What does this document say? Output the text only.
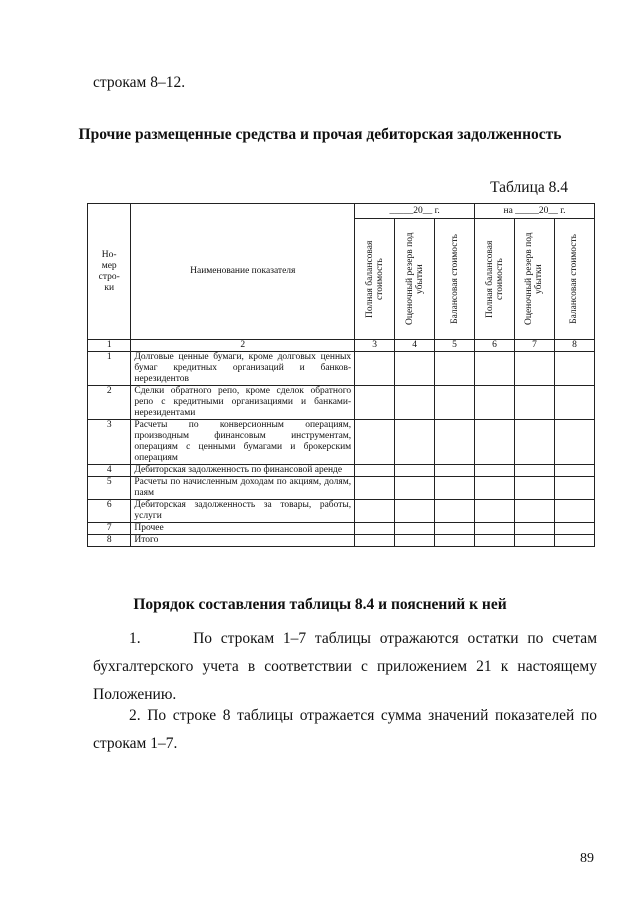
строкам 8–12.
Прочие размещенные средства и прочая дебиторская задолженность
Таблица 8.4
Но-
мер
стро-
ки	Наименование показателя	_____20__ г.			на _____20__ г.		

		Полная балансовая стоимость	Оценочный резерв под убытки	Балансовая стоимость	Полная балансовая стоимость	Оценочный резерв под убытки	Балансовая стоимость

1	2	3	4	5	6	7	8
1	Долговые ценные бумаги, кроме долговых ценных бумаг кредитных организаций и банков-нерезидентов						
2	Сделки обратного репо, кроме сделок обратного репо с кредитными организациями и банками-нерезидентами						
3	Расчеты по конверсионным операциям, производным финансовым инструментам, операциям с ценными бумагами и брокерским операциям						
4	Дебиторская задолженность по финансовой аренде						
5	Расчеты по начисленным доходам по акциям, долям, паям						
6	Дебиторская задолженность за товары, работы, услуги						
7	Прочее						
8	Итого						
Порядок составления таблицы 8.4 и пояснений к ней
1.	По строкам 1–7 таблицы отражаются остатки по счетам бухгалтерского учета в соответствии с приложением 21 к настоящему Положению.
2. По строке 8 таблицы отражается сумма значений показателей по строкам 1–7.
89
